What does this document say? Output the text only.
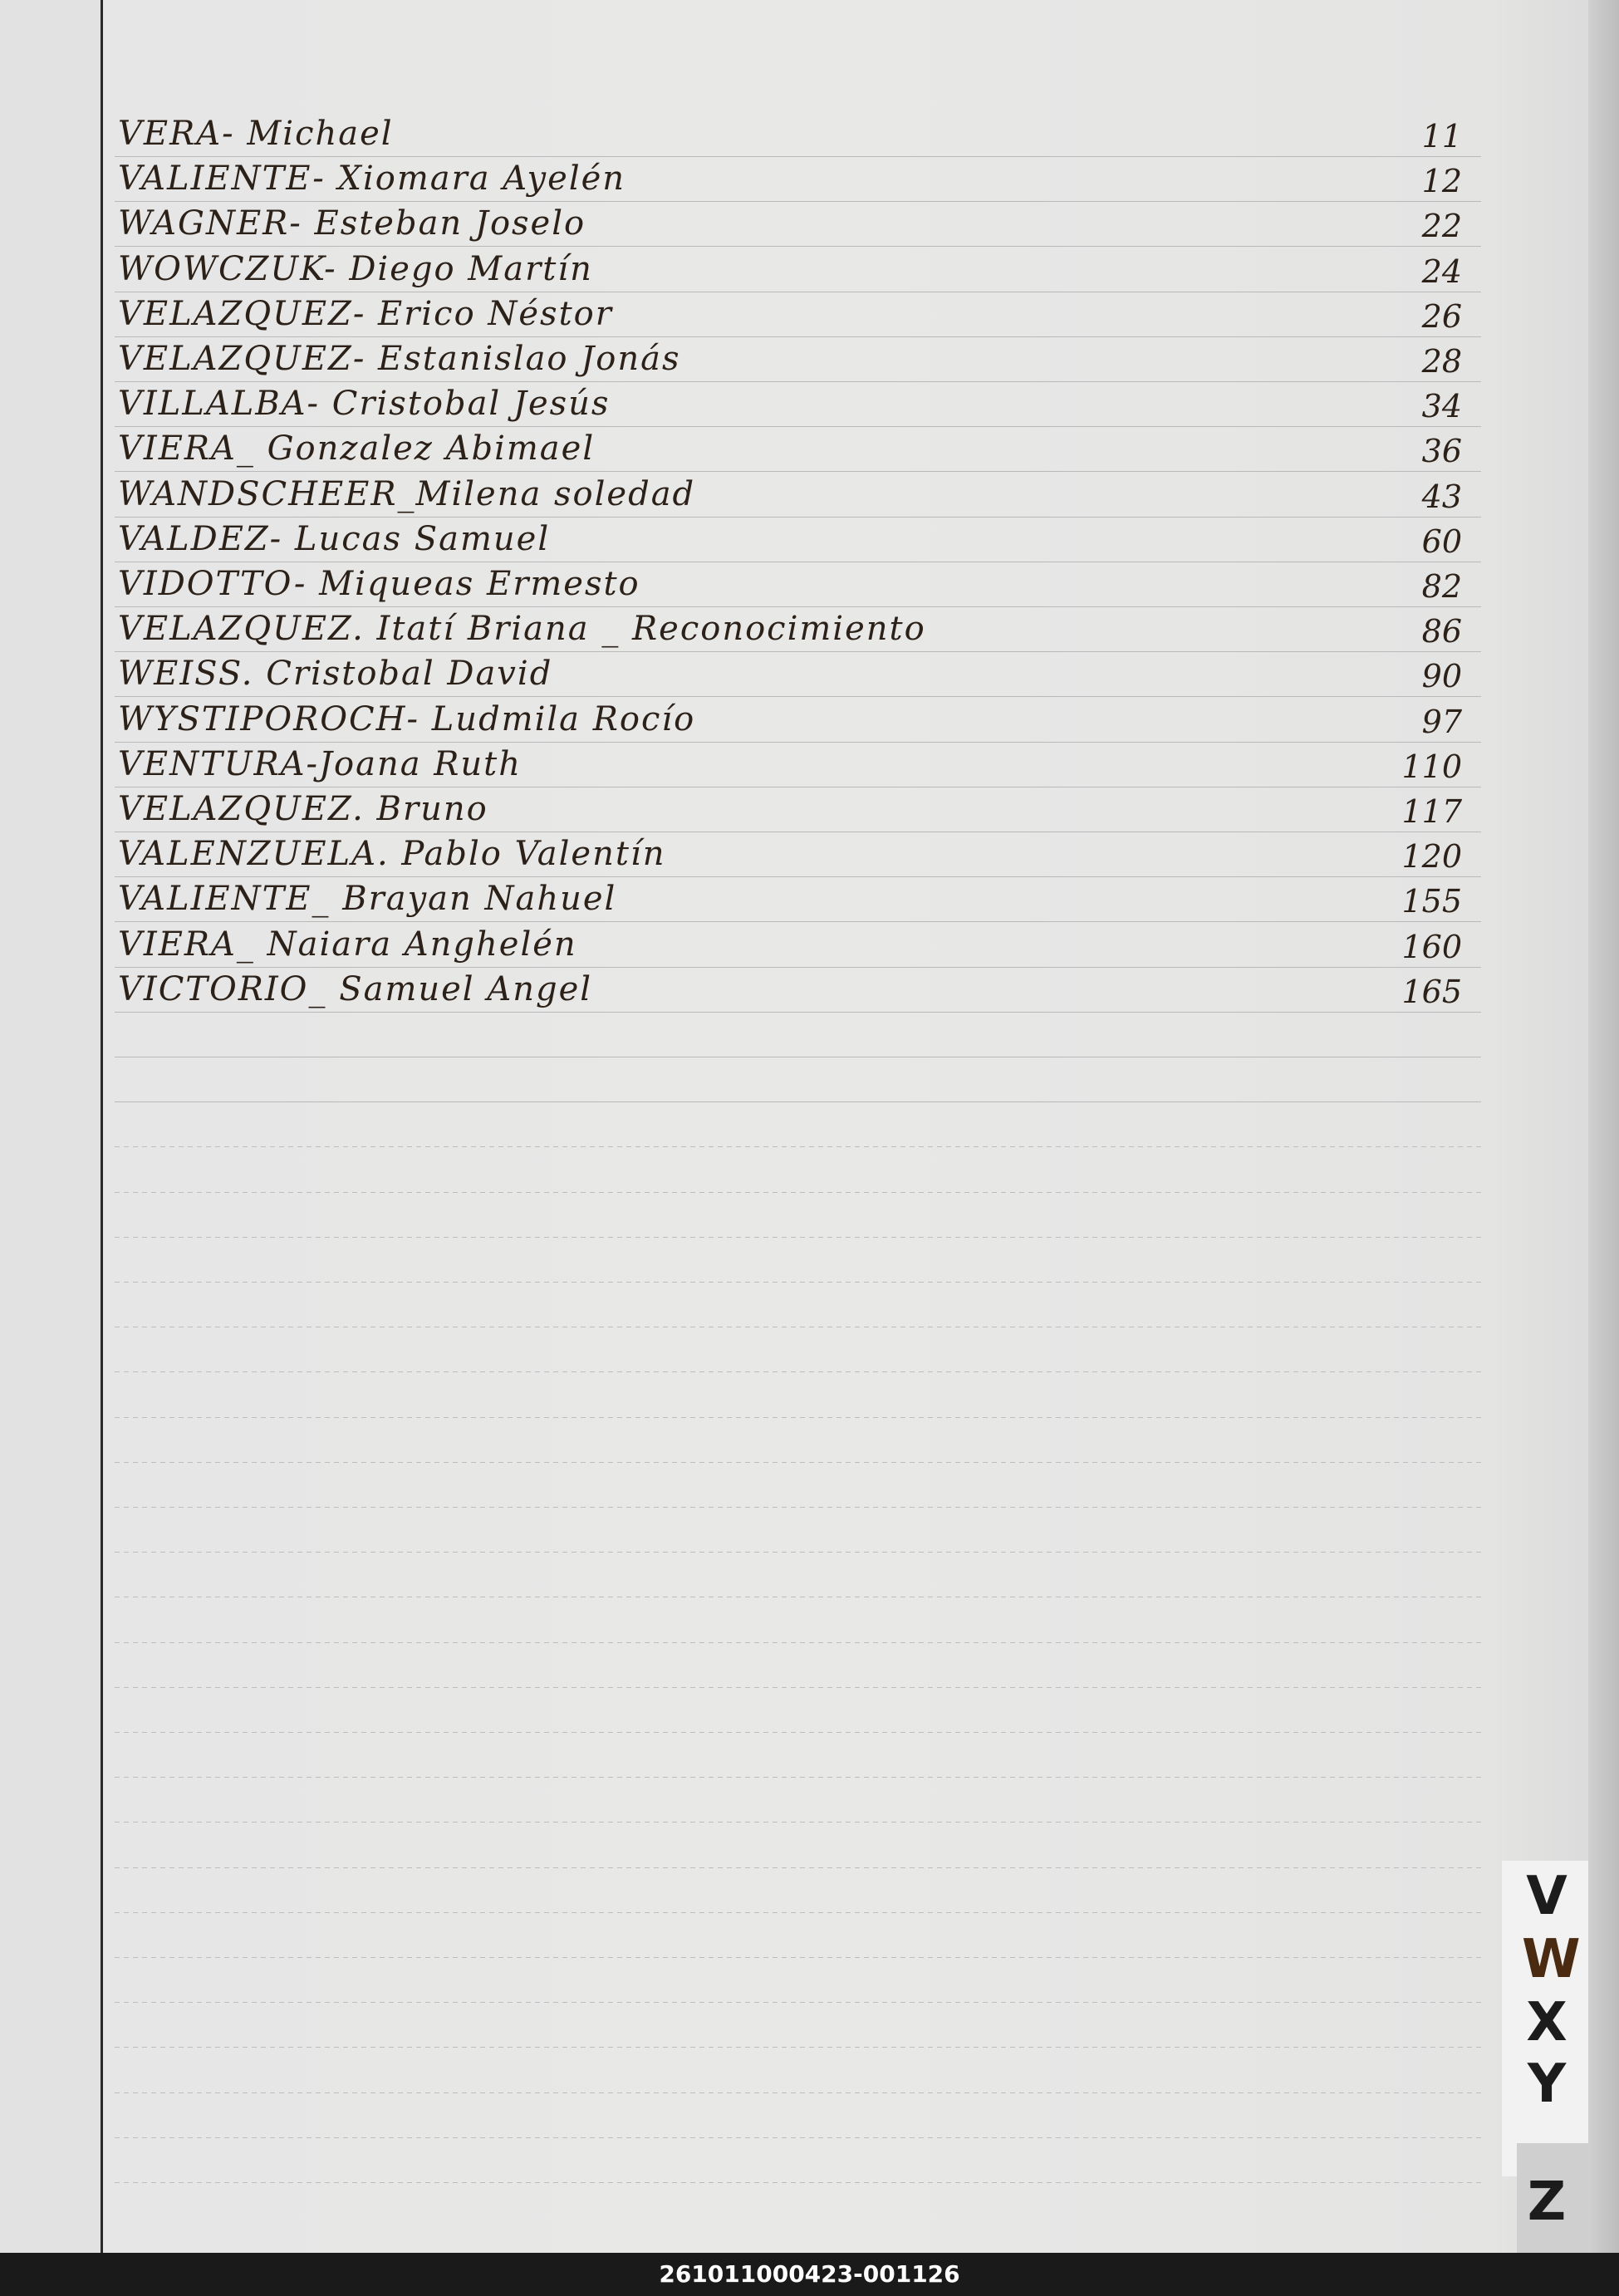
VERA- Michael	11
VALIENTE- Xiomara Ayelén	12
WAGNER- Esteban Joselo	22
WOWCZUK- Diego Martín	24
VELAZQUEZ- Erico Néstor	26
VELAZQUEZ- Estanislao Jonás	28
VILLALBA- Cristobal Jesús	34
VIERA_ Gonzalez Abimael	36
WANDSCHEER_Milena soledad	43
VALDEZ- Lucas Samuel	60
VIDOTTO- Miqueas Ermesto	82
VELAZQUEZ. Itatí Briana _ Reconocimiento	86
WEISS. Cristobal David	90
WYSTIPOROCH- Ludmila Rocío	97
VENTURA-Joana Ruth	110
VELAZQUEZ. Bruno	117
VALENZUELA. Pablo Valentín	120
VALIENTE_ Brayan Nahuel	155
VIERA_ Naiara Anghelén	160
VICTORIO_ Samuel Angel	165
V
W
X
Y
Z
261011000423-001126
